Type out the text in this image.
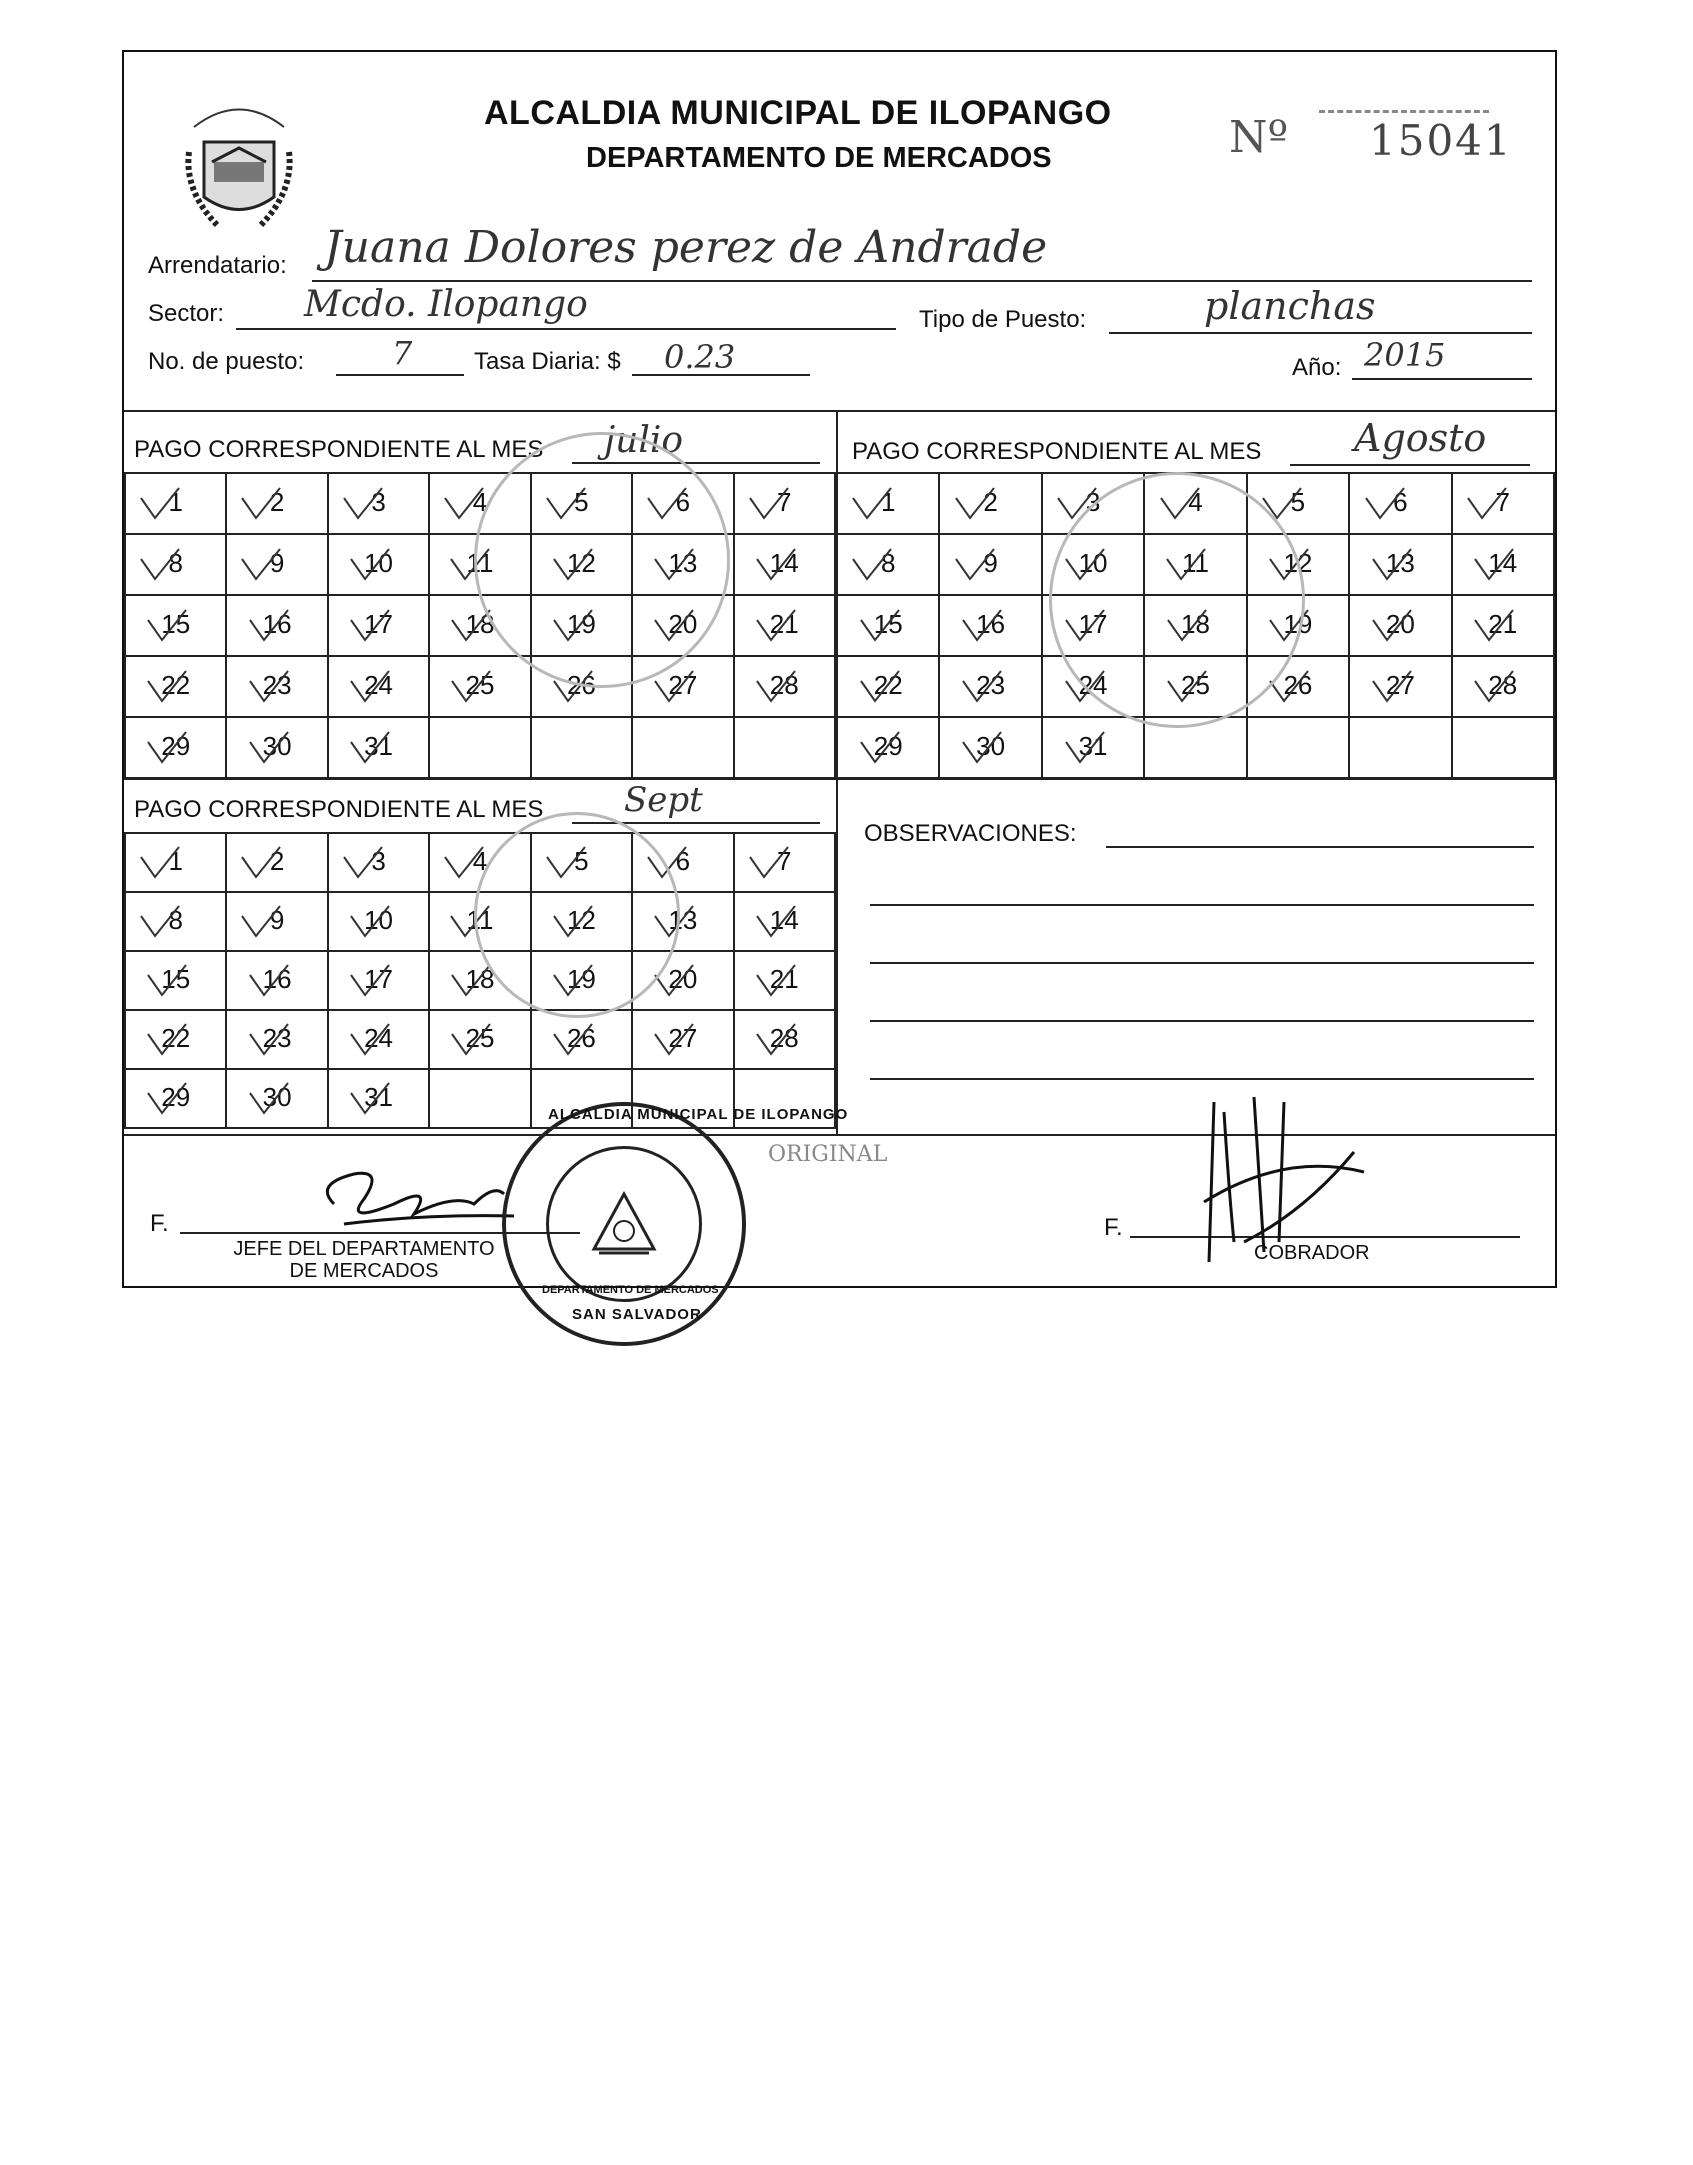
ALCALDIA MUNICIPAL DE ILOPANGO
DEPARTAMENTO DE MERCADOS	Nº 15041
Arrendatario: Juana Dolores perez de Andrade
Sector: Mcdo. Ilopango	Tipo de Puesto:	planchas
No. de puesto:	7	Tasa Diaria: $ 0.23	Año: 2015
PAGO CORRESPONDIENTE AL MES julio
1	2	3	4	5	6	7
8	9	10	11	12	13	14
15	16	17	18	19	20	21
22	23	24	25	26	27	28
29	30	31				
PAGO CORRESPONDIENTE AL MES Agosto
1	2	3	4	5	6	7
8	9	10	11	12	13	14
15	16	17	18	19	20	21
22	23	24	25	26	27	28
29	30	31				
PAGO CORRESPONDIENTE AL MES Sept
1	2	3	4	5	6	7
8	9	10	11	12	13	14
15	16	17	18	19	20	21
22	23	24	25	26	27	28
29	30	31				
OBSERVACIONES:
F.
JEFE DEL DEPARTAMENTO
DE MERCADOS
F.
COBRADOR
ORIGINAL
ALCALDIA MUNICIPAL DE ILOPANGO
DEPARTAMENTO DE MERCADOS
SAN SALVADOR
